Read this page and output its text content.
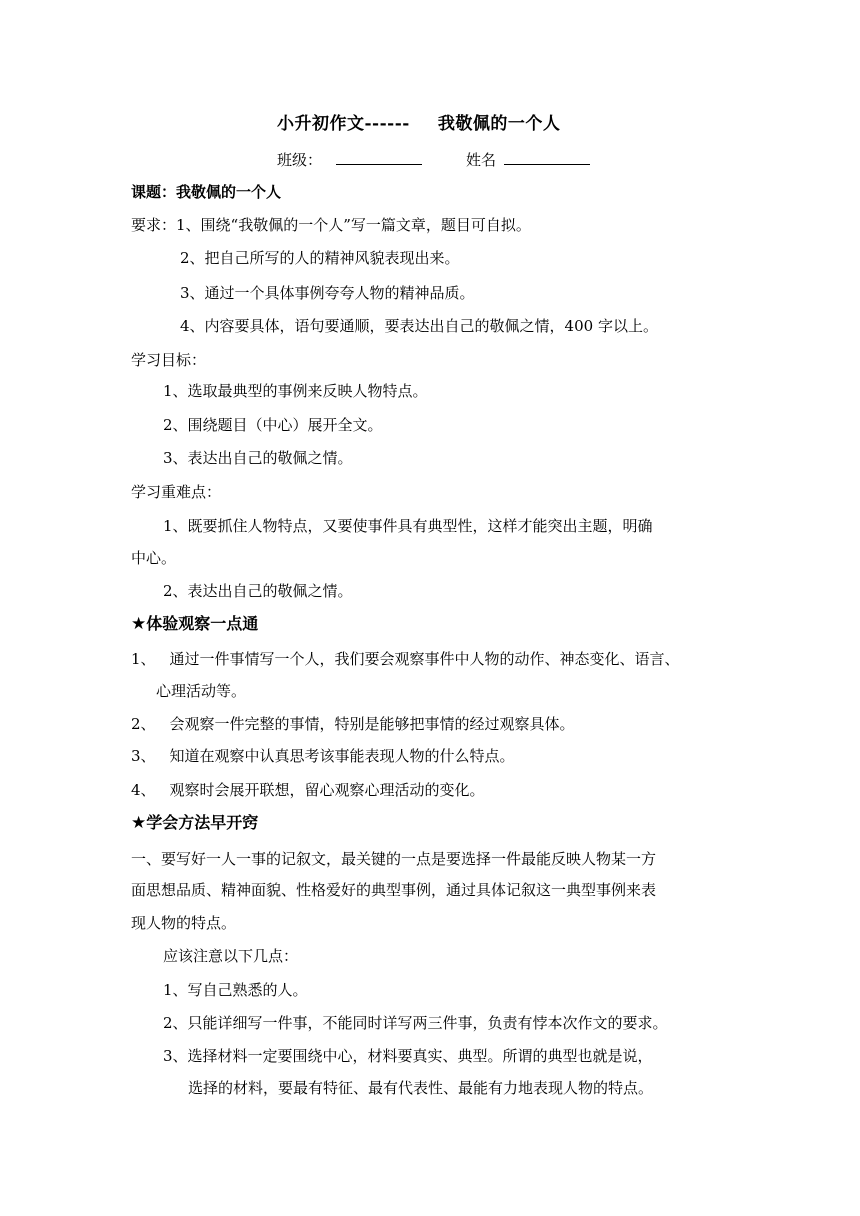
小升初作文------ 我敬佩的一个人
班级：	姓名
课题：我敬佩的一个人
要求：1、围绕“我敬佩的一个人”写一篇文章，题目可自拟。
2、把自己所写的人的精神风貌表现出来。
3、通过一个具体事例夸夸人物的精神品质。
4、内容要具体，语句要通顺，要表达出自己的敬佩之情，400 字以上。
学习目标：
1、选取最典型的事例来反映人物特点。
2、围绕题目（中心）展开全文。
3、表达出自己的敬佩之情。
学习重难点：
1、既要抓住人物特点，又要使事件具有典型性，这样才能突出主题，明确
中心。
2、表达出自己的敬佩之情。
★体验观察一点通
1、 通过一件事情写一个人，我们要会观察事件中人物的动作、神态变化、语言、
心理活动等。
2、 会观察一件完整的事情，特别是能够把事情的经过观察具体。
3、 知道在观察中认真思考该事能表现人物的什么特点。
4、 观察时会展开联想，留心观察心理活动的变化。
★学会方法早开窍
一、要写好一人一事的记叙文，最关键的一点是要选择一件最能反映人物某一方
面思想品质、精神面貌、性格爱好的典型事例，通过具体记叙这一典型事例来表
现人物的特点。
应该注意以下几点：
1、写自己熟悉的人。
2、只能详细写一件事，不能同时详写两三件事，负责有悖本次作文的要求。
3、选择材料一定要围绕中心，材料要真实、典型。所谓的典型也就是说，
选择的材料，要最有特征、最有代表性、最能有力地表现人物的特点。
